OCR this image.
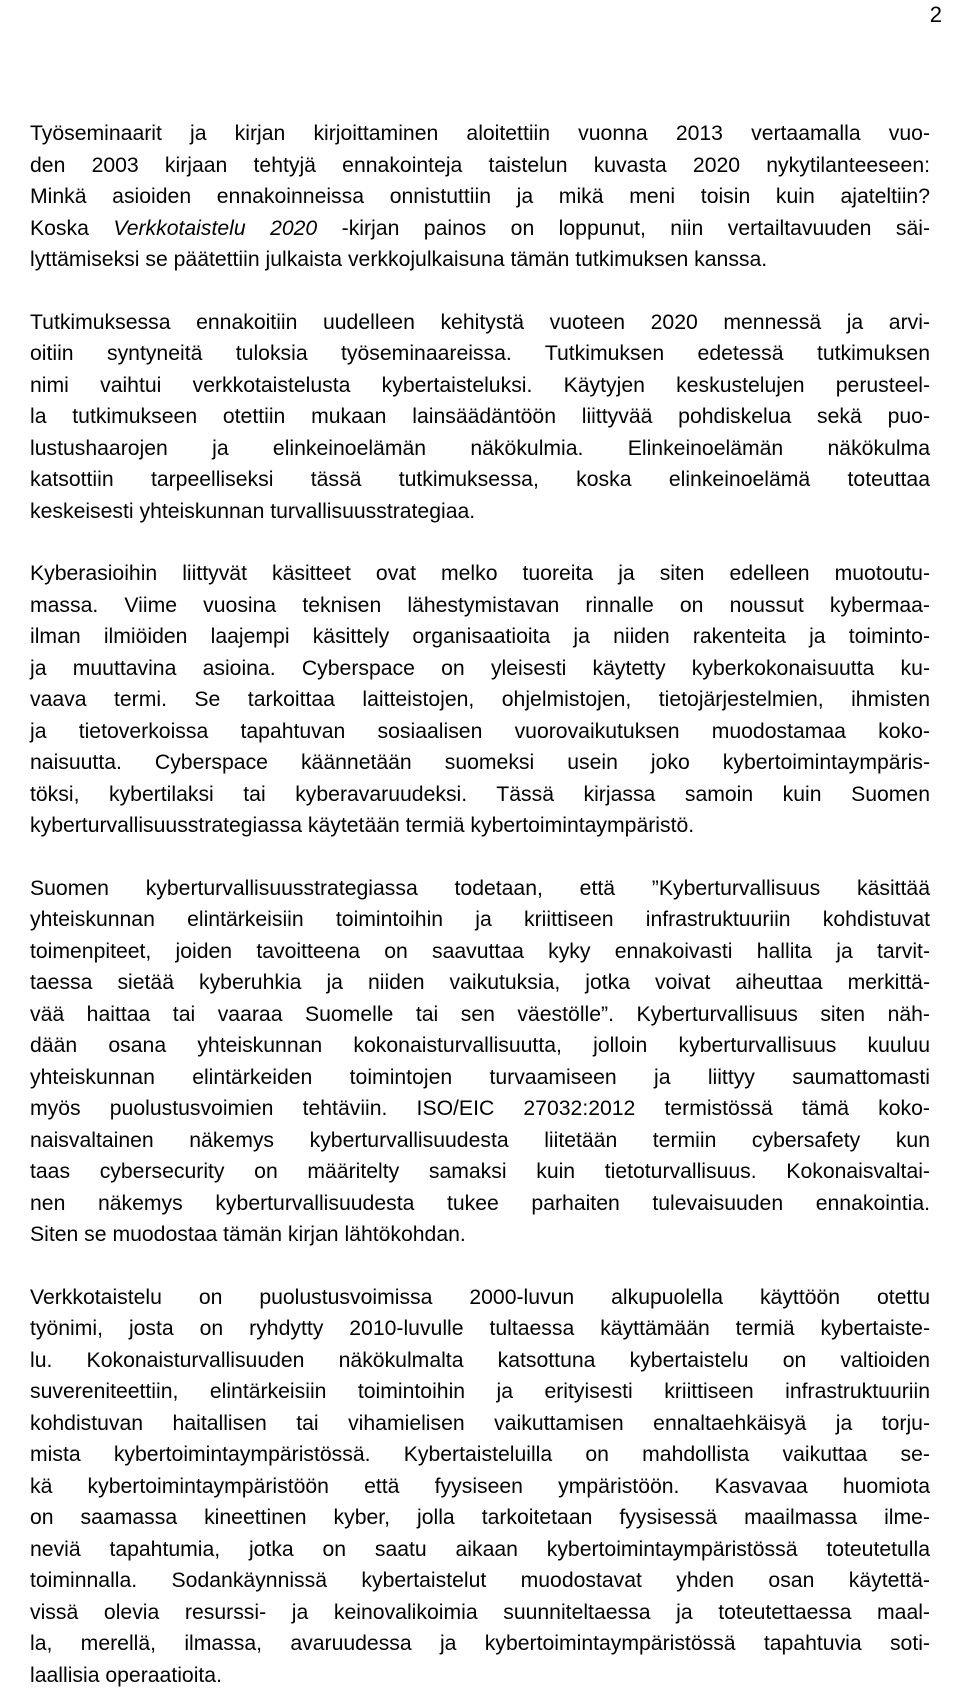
2

Työseminaarit ja kirjan kirjoittaminen aloitettiin vuonna 2013 vertaamalla vuo-
den 2003 kirjaan tehtyjä ennakointeja taistelun kuvasta 2020 nykytilanteeseen:
Minkä asioiden ennakoinneissa onnistuttiin ja mikä meni toisin kuin ajateltiin?
Koska Verkkotaistelu 2020 -kirjan painos on loppunut, niin vertailtavuuden säi-
lyttämiseksi se päätettiin julkaista verkkojulkaisuna tämän tutkimuksen kanssa.

Tutkimuksessa ennakoitiin uudelleen kehitystä vuoteen 2020 mennessä ja arvi-
oitiin syntyneitä tuloksia työseminaareissa. Tutkimuksen edetessä tutkimuksen
nimi vaihtui verkkotaistelusta kybertaisteluksi. Käytyjen keskustelujen perusteel-
la tutkimukseen otettiin mukaan lainsäädäntöön liittyvää pohdiskelua sekä puo-
lustushaarojen ja elinkeinoelämän näkökulmia. Elinkeinoelämän näkökulma
katsottiin tarpeelliseksi tässä tutkimuksessa, koska elinkeinoelämä toteuttaa
keskeisesti yhteiskunnan turvallisuusstrategiaa.

Kyberasioihin liittyvät käsitteet ovat melko tuoreita ja siten edelleen muotoutu-
massa. Viime vuosina teknisen lähestymistavan rinnalle on noussut kybermaa-
ilman ilmiöiden laajempi käsittely organisaatioita ja niiden rakenteita ja toiminto-
ja muuttavina asioina. Cyberspace on yleisesti käytetty kyberkokonaisuutta ku-
vaava termi. Se tarkoittaa laitteistojen, ohjelmistojen, tietojärjestelmien, ihmisten
ja tietoverkoissa tapahtuvan sosiaalisen vuorovaikutuksen muodostamaa koko-
naisuutta. Cyberspace käännetään suomeksi usein joko kybertoimintaympäris-
töksi, kybertilaksi tai kyberavaruudeksi. Tässä kirjassa samoin kuin Suomen
kyberturvallisuusstrategiassa käytetään termiä kybertoimintaympäristö.

Suomen kyberturvallisuusstrategiassa todetaan, että ”Kyberturvallisuus käsittää
yhteiskunnan elintärkeisiin toimintoihin ja kriittiseen infrastruktuuriin kohdistuvat
toimenpiteet, joiden tavoitteena on saavuttaa kyky ennakoivasti hallita ja tarvit-
taessa sietää kyberuhkia ja niiden vaikutuksia, jotka voivat aiheuttaa merkittä-
vää haittaa tai vaaraa Suomelle tai sen väestölle”. Kyberturvallisuus siten näh-
dään osana yhteiskunnan kokonaisturvallisuutta, jolloin kyberturvallisuus kuuluu
yhteiskunnan elintärkeiden toimintojen turvaamiseen ja liittyy saumattomasti
myös puolustusvoimien tehtäviin. ISO/EIC 27032:2012 termistössä tämä koko-
naisvaltainen näkemys kyberturvallisuudesta liitetään termiin cybersafety kun
taas cybersecurity on määritelty samaksi kuin tietoturvallisuus. Kokonaisvaltai-
nen näkemys kyberturvallisuudesta tukee parhaiten tulevaisuuden ennakointia.
Siten se muodostaa tämän kirjan lähtökohdan.

Verkkotaistelu on puolustusvoimissa 2000-luvun alkupuolella käyttöön otettu
työnimi, josta on ryhdytty 2010-luvulle tultaessa käyttämään termiä kybertaiste-
lu. Kokonaisturvallisuuden näkökulmalta katsottuna kybertaistelu on valtioiden
suvereniteettiin, elintärkeisiin toimintoihin ja erityisesti kriittiseen infrastruktuuriin
kohdistuvan haitallisen tai vihamielisen vaikuttamisen ennaltaehkäisyä ja torju-
mista kybertoimintaympäristössä. Kybertaisteluilla on mahdollista vaikuttaa se-
kä kybertoimintaympäristöön että fyysiseen ympäristöön. Kasvavaa huomiota
on saamassa kineettinen kyber, jolla tarkoitetaan fyysisessä maailmassa ilme-
neviä tapahtumia, jotka on saatu aikaan kybertoimintaympäristössä toteutetulla
toiminnalla. Sodankäynnissä kybertaistelut muodostavat yhden osan käytettä-
vissä olevia resurssi- ja keinovalikoimia suunniteltaessa ja toteutettaessa maal-
la, merellä, ilmassa, avaruudessa ja kybertoimintaympäristössä tapahtuvia soti-
laallisia operaatioita.
